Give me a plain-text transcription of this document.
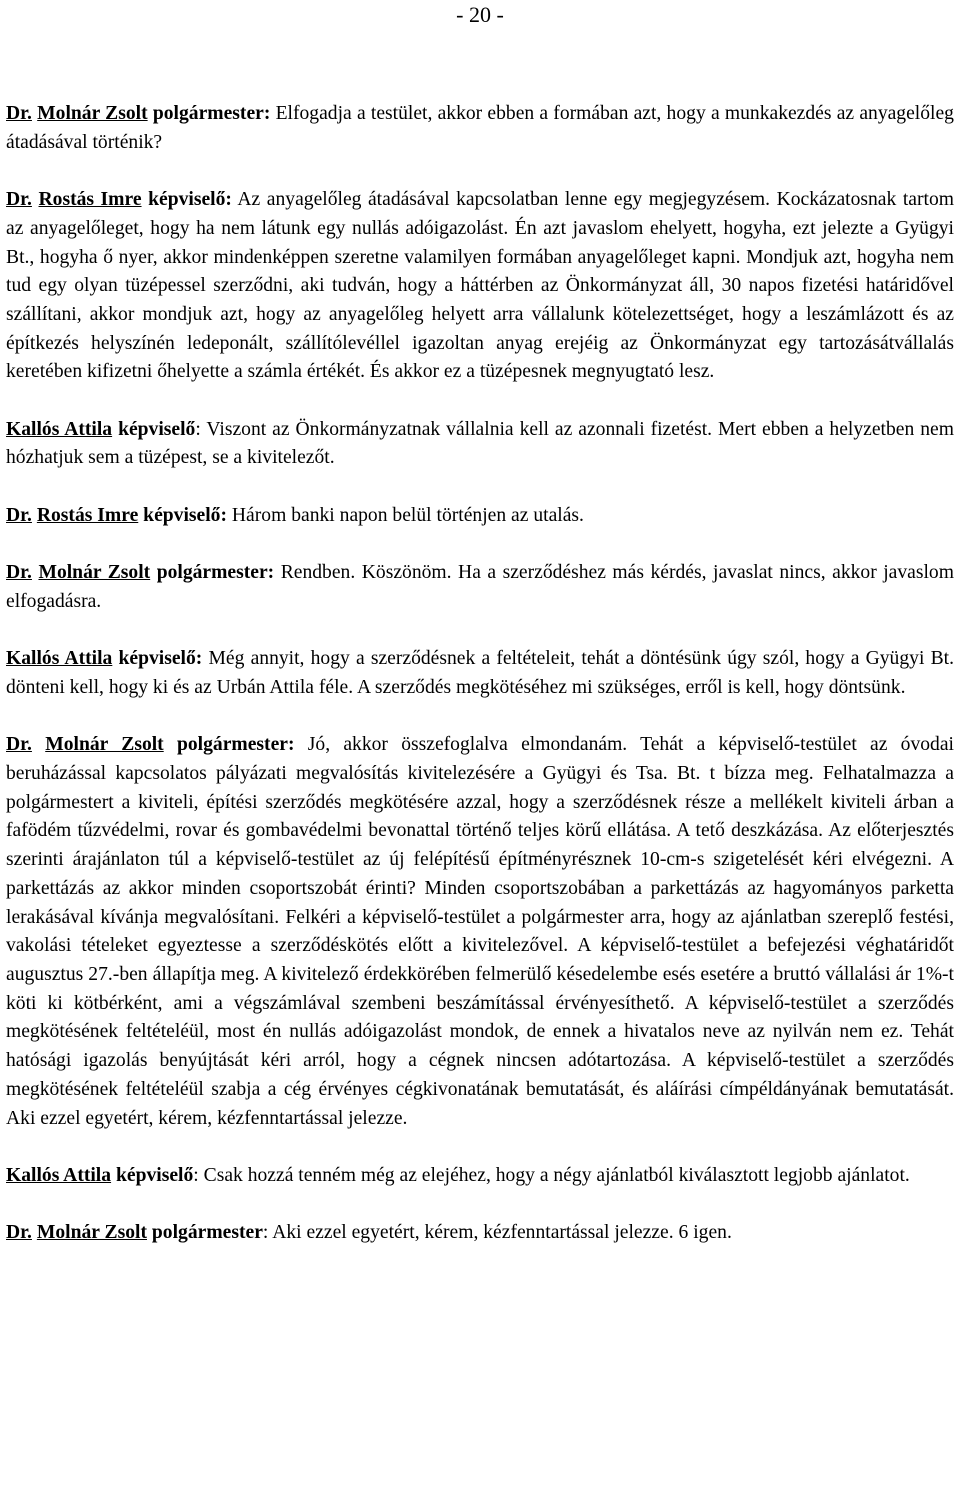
- 20 -

Dr. Molnár Zsolt polgármester: Elfogadja a testület, akkor ebben a formában azt, hogy a munkakezdés az anyagelőleg átadásával történik?

Dr. Rostás Imre képviselő: Az anyagelőleg átadásával kapcsolatban lenne egy megjegyzésem. Kockázatosnak tartom az anyagelőleget, hogy ha nem látunk egy nullás adóigazolást. Én azt javaslom ehelyett, hogyha, ezt jelezte a Gyügyi Bt., hogyha ő nyer, akkor mindenképpen szeretne valamilyen formában anyagelőleget kapni. Mondjuk azt, hogyha nem tud egy olyan tüzépessel szerződni, aki tudván, hogy a háttérben az Önkormányzat áll, 30 napos fizetési határidővel szállítani, akkor mondjuk azt, hogy az anyagelőleg helyett arra vállalunk kötelezettséget, hogy a leszámlázott és az építkezés helyszínén ledeponált, szállítólevéllel igazoltan anyag erejéig az Önkormányzat egy tartozásátvállalás keretében kifizetni őhelyette a számla értékét. És akkor ez a tüzépesnek megnyugtató lesz.

Kallós Attila képviselő: Viszont az Önkormányzatnak vállalnia kell az azonnali fizetést. Mert ebben a helyzetben nem hózhatjuk sem a tüzépest, se a kivitelezőt.

Dr. Rostás Imre képviselő: Három banki napon belül történjen az utalás.

Dr. Molnár Zsolt polgármester: Rendben. Köszönöm. Ha a szerződéshez más kérdés, javaslat nincs, akkor javaslom elfogadásra.

Kallós Attila képviselő: Még annyit, hogy a szerződésnek a feltételeit, tehát a döntésünk úgy szól, hogy a Gyügyi Bt. dönteni kell, hogy ki és az Urbán Attila féle. A szerződés megkötéséhez mi szükséges, erről is kell, hogy döntsünk.

Dr. Molnár Zsolt polgármester: Jó, akkor összefoglalva elmondanám. Tehát a képviselő-testület az óvodai beruházással kapcsolatos pályázati megvalósítás kivitelezésére a Gyügyi és Tsa. Bt. t bízza meg. Felhatalmazza a polgármestert a kiviteli, építési szerződés megkötésére azzal, hogy a szerződésnek része a mellékelt kiviteli árban a fafödém tűzvédelmi, rovar és gombavédelmi bevonattal történő teljes körű ellátása. A tető deszkázása. Az előterjesztés szerinti árajánlaton túl a képviselő-testület az új felépítésű építményrésznek 10-cm-s szigetelését kéri elvégezni. A parkettázás az akkor minden csoportszobát érinti? Minden csoportszobában a parkettázás az hagyományos parketta lerakásával kívánja megvalósítani. Felkéri a képviselő-testület a polgármester arra, hogy az ajánlatban szereplő festési, vakolási tételeket egyeztesse a szerződéskötés előtt a kivitelezővel. A képviselő-testület a befejezési véghatáridőt augusztus 27.-ben állapítja meg. A kivitelező érdekkörében felmerülő késedelembe esés esetére a bruttó vállalási ár 1%-t köti ki kötbérként, ami a végszámlával szembeni beszámítással érvényesíthető. A képviselő-testület a szerződés megkötésének feltételéül, most én nullás adóigazolást mondok, de ennek a hivatalos neve az nyilván nem ez. Tehát hatósági igazolás benyújtását kéri arról, hogy a cégnek nincsen adótartozása. A képviselő-testület a szerződés megkötésének feltételéül szabja a cég érvényes cégkivonatának bemutatását, és aláírási címpéldányának bemutatását. Aki ezzel egyetért, kérem, kézfenntartással jelezze.

Kallós Attila képviselő: Csak hozzá tenném még az elejéhez, hogy a négy ajánlatból kiválasztott legjobb ajánlatot.

Dr. Molnár Zsolt polgármester: Aki ezzel egyetért, kérem, kézfenntartással jelezze. 6 igen.
